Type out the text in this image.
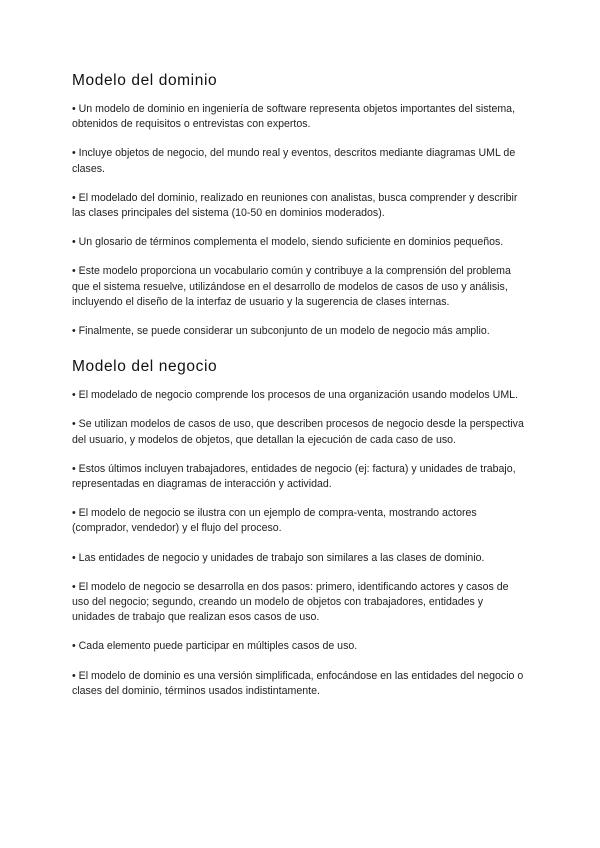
Modelo del dominio

• Un modelo de dominio en ingeniería de software representa objetos importantes del sistema, obtenidos de requisitos o entrevistas con expertos.

• Incluye objetos de negocio, del mundo real y eventos, descritos mediante diagramas UML de clases.

• El modelado del dominio, realizado en reuniones con analistas, busca comprender y describir las clases principales del sistema (10-50 en dominios moderados).

• Un glosario de términos complementa el modelo, siendo suficiente en dominios pequeños.

• Este modelo proporciona un vocabulario común y contribuye a la comprensión del problema que el sistema resuelve, utilizándose en el desarrollo de modelos de casos de uso y análisis, incluyendo el diseño de la interfaz de usuario y la sugerencia de clases internas.

• Finalmente, se puede considerar un subconjunto de un modelo de negocio más amplio.

Modelo del negocio

• El modelado de negocio comprende los procesos de una organización usando modelos UML.

• Se utilizan modelos de casos de uso, que describen procesos de negocio desde la perspectiva del usuario, y modelos de objetos, que detallan la ejecución de cada caso de uso.

• Estos últimos incluyen trabajadores, entidades de negocio (ej: factura) y unidades de trabajo, representadas en diagramas de interacción y actividad.

• El modelo de negocio se ilustra con un ejemplo de compra-venta, mostrando actores (comprador, vendedor) y el flujo del proceso.

• Las entidades de negocio y unidades de trabajo son similares a las clases de dominio.

• El modelo de negocio se desarrolla en dos pasos: primero, identificando actores y casos de uso del negocio; segundo, creando un modelo de objetos con trabajadores, entidades y unidades de trabajo que realizan esos casos de uso.

• Cada elemento puede participar en múltiples casos de uso.

• El modelo de dominio es una versión simplificada, enfocándose en las entidades del negocio o clases del dominio, términos usados indistintamente.
